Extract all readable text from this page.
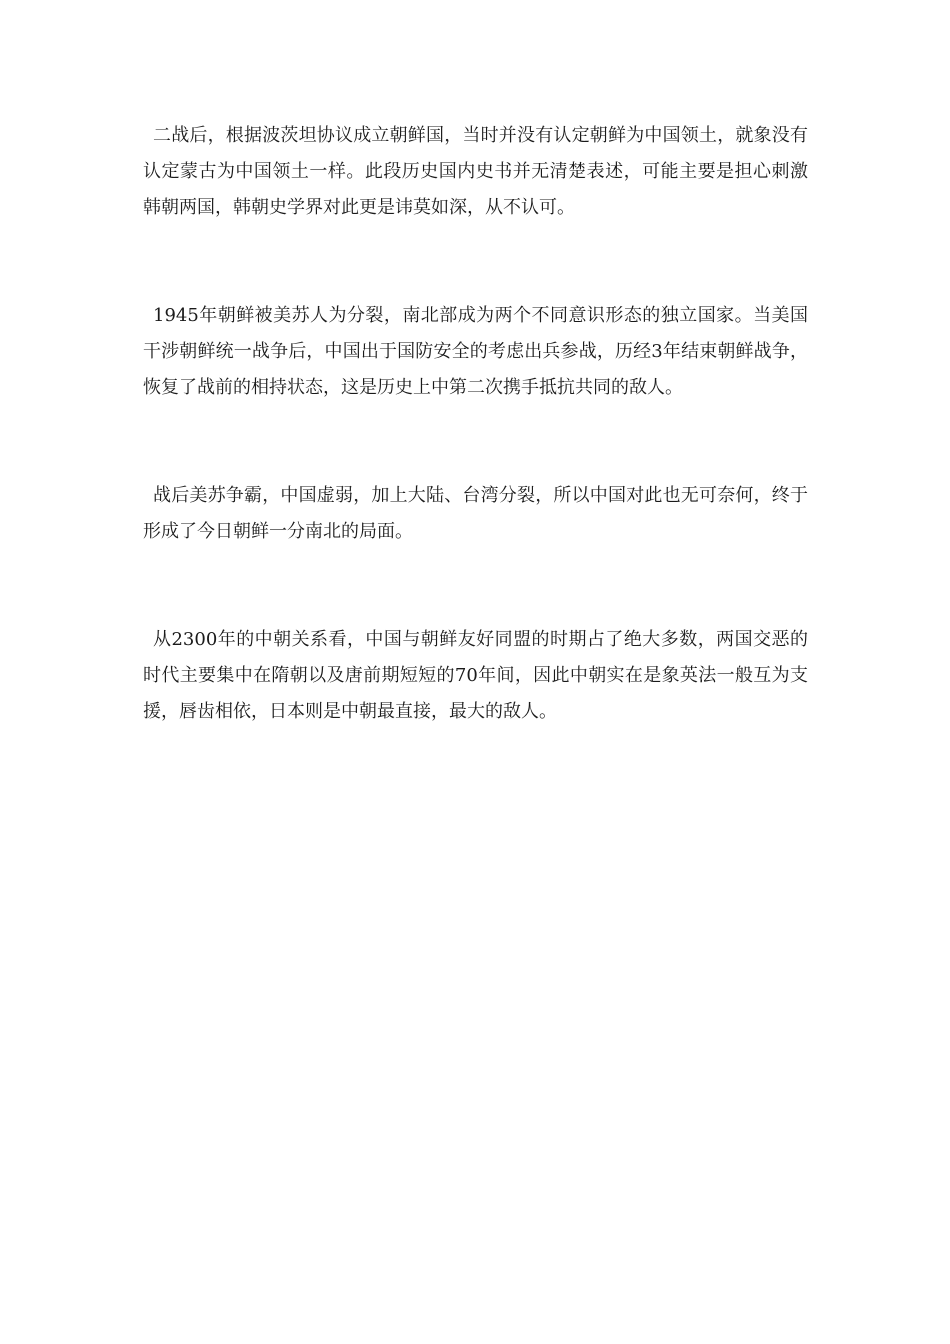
二战后，根据波茨坦协议成立朝鲜国，当时并没有认定朝鲜为中国领土，就象没有认定蒙古为中国领土一样。此段历史国内史书并无清楚表述，可能主要是担心刺激韩朝两国，韩朝史学界对此更是讳莫如深，从不认可。

1945年朝鲜被美苏人为分裂，南北部成为两个不同意识形态的独立国家。当美国干涉朝鲜统一战争后，中国出于国防安全的考虑出兵参战，历经3年结束朝鲜战争，恢复了战前的相持状态，这是历史上中第二次携手抵抗共同的敌人。

战后美苏争霸，中国虚弱，加上大陆、台湾分裂，所以中国对此也无可奈何，终于形成了今日朝鲜一分南北的局面。

从2300年的中朝关系看，中国与朝鲜友好同盟的时期占了绝大多数，两国交恶的时代主要集中在隋朝以及唐前期短短的70年间，因此中朝实在是象英法一般互为支援，唇齿相依，日本则是中朝最直接，最大的敌人。
